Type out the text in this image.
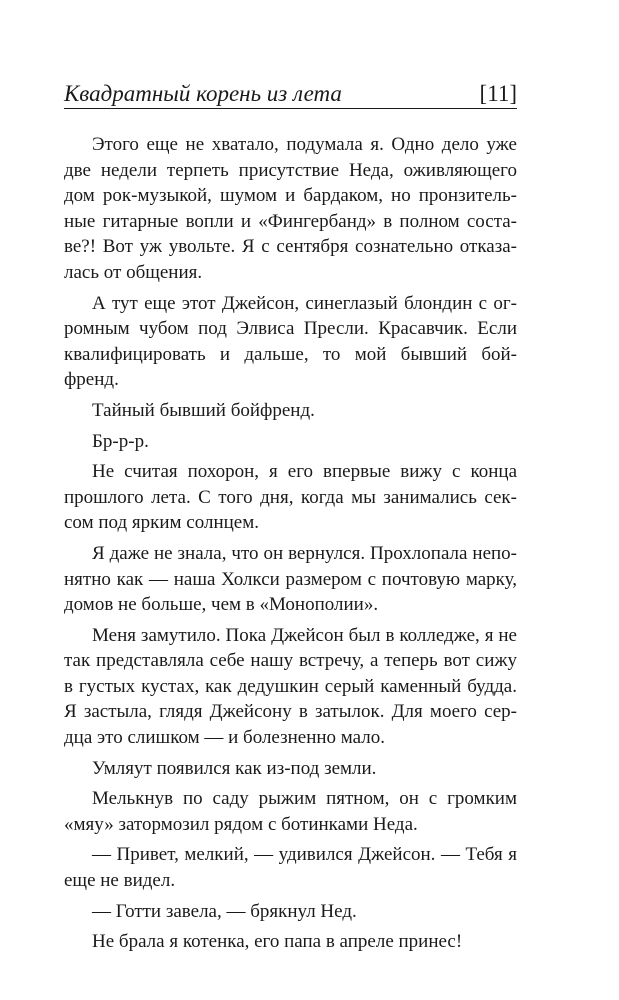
Квадратный корень из лета	[11]
Этого еще не хватало, подумала я. Одно дело уже
две недели терпеть присутствие Неда, оживляющего
дом рок-музыкой, шумом и бардаком, но пронзитель-
ные гитарные вопли и «Фингербанд» в полном соста-
ве?! Вот уж увольте. Я с сентября сознательно отказа-
лась от общения.
А тут еще этот Джейсон, синеглазый блондин с ог-
ромным чубом под Элвиса Пресли. Красавчик. Если
квалифицировать и дальше, то мой бывший бой-
френд.
Тайный бывший бойфренд.
Бр-р-р.
Не считая похорон, я его впервые вижу с конца
прошлого лета. С того дня, когда мы занимались сек-
сом под ярким солнцем.
Я даже не знала, что он вернулся. Прохлопала непо-
нятно как — наша Холкси размером с почтовую марку,
домов не больше, чем в «Монополии».
Меня замутило. Пока Джейсон был в колледже, я не
так представляла себе нашу встречу, а теперь вот сижу
в густых кустах, как дедушкин серый каменный будда.
Я застыла, глядя Джейсону в затылок. Для моего сер-
дца это слишком — и болезненно мало.
Умляут появился как из-под земли.
Мелькнув по саду рыжим пятном, он с громким
«мяу» затормозил рядом с ботинками Неда.
— Привет, мелкий, — удивился Джейсон. — Тебя я
еще не видел.
— Готти завела, — брякнул Нед.
Не брала я котенка, его папа в апреле принес!
